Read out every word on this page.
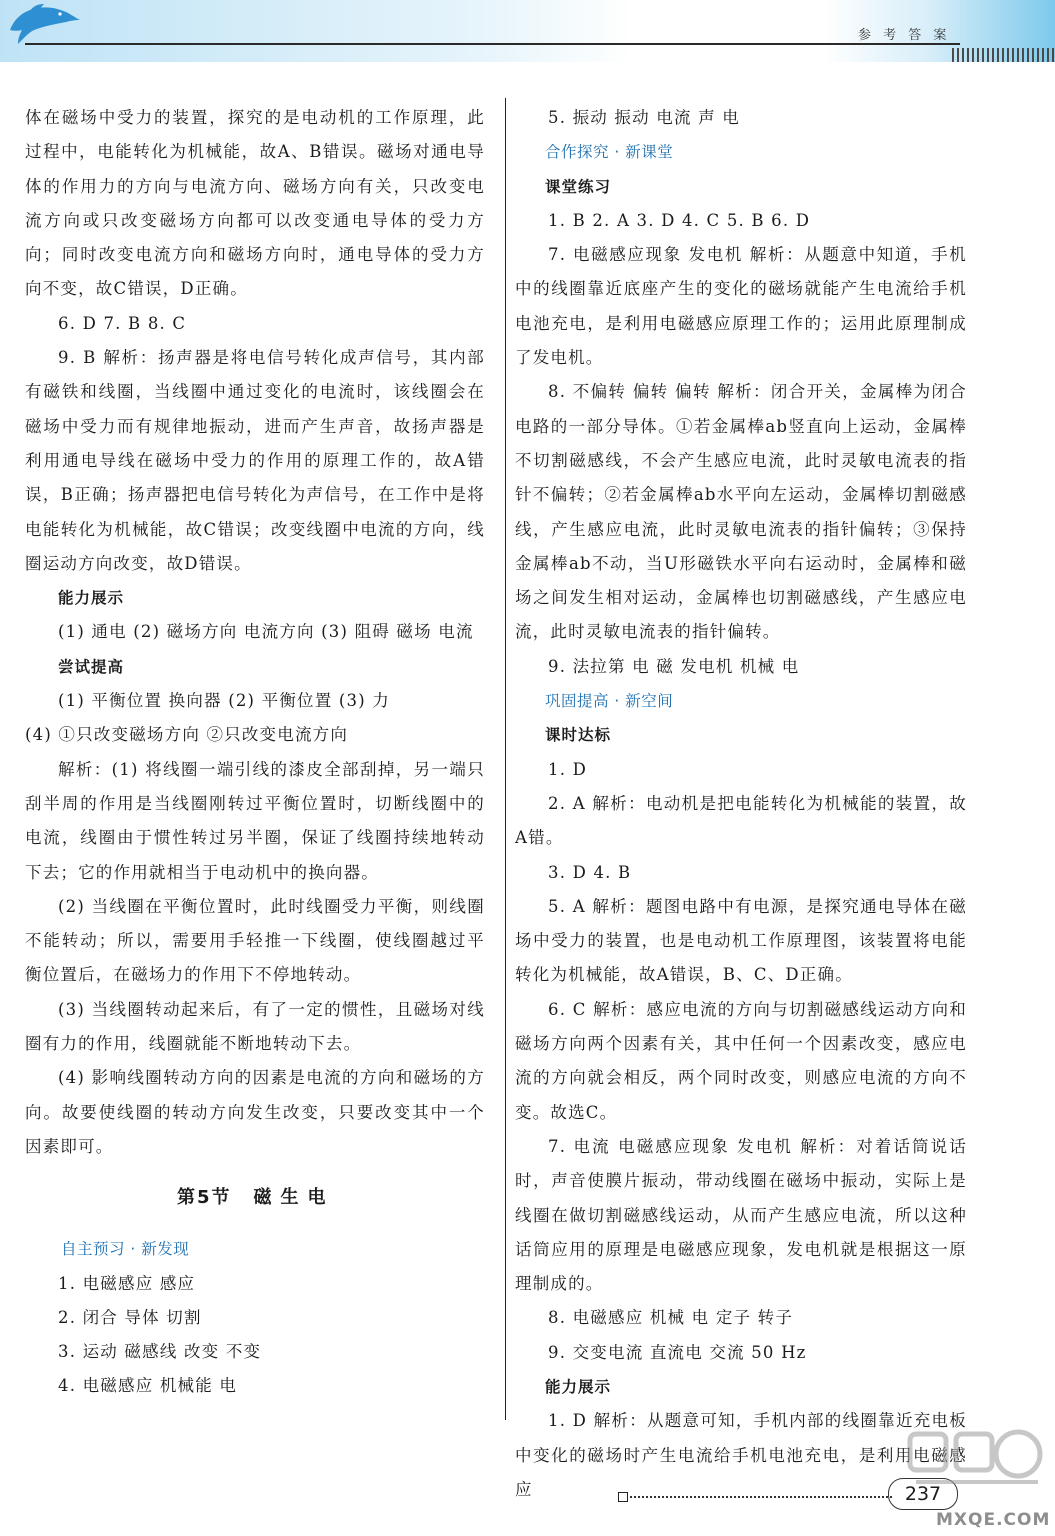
参 考 答 案

体在磁场中受力的装置，探究的是电动机的工作原理，此过程中，电能转化为机械能，故A、B错误。磁场对通电导体的作用力的方向与电流方向、磁场方向有关，只改变电流方向或只改变磁场方向都可以改变通电导体的受力方向；同时改变电流方向和磁场方向时，通电导体的受力方向不变，故C错误，D正确。

6. D 7. B 8. C

9. B 解析：扬声器是将电信号转化成声信号，其内部有磁铁和线圈，当线圈中通过变化的电流时，该线圈会在磁场中受力而有规律地振动，进而产生声音，故扬声器是利用通电导线在磁场中受力的作用的原理工作的，故A错误，B正确；扬声器把电信号转化为声信号，在工作中是将电能转化为机械能，故C错误；改变线圈中电流的方向，线圈运动方向改变，故D错误。

能力展示

(1) 通电 (2) 磁场方向 电流方向 (3) 阻碍 磁场 电流

尝试提高

(1) 平衡位置 换向器 (2) 平衡位置 (3) 力

(4) ①只改变磁场方向 ②只改变电流方向

解析：(1) 将线圈一端引线的漆皮全部刮掉，另一端只刮半周的作用是当线圈刚转过平衡位置时，切断线圈中的电流，线圈由于惯性转过另半圈，保证了线圈持续地转动下去；它的作用就相当于电动机中的换向器。

(2) 当线圈在平衡位置时，此时线圈受力平衡，则线圈不能转动；所以，需要用手轻推一下线圈，使线圈越过平衡位置后，在磁场力的作用下不停地转动。

(3) 当线圈转动起来后，有了一定的惯性，且磁场对线圈有力的作用，线圈就能不断地转动下去。

(4) 影响线圈转动方向的因素是电流的方向和磁场的方向。故要使线圈的转动方向发生改变，只要改变其中一个因素即可。

第5节 磁生电

自主预习 · 新发现

1. 电磁感应 感应

2. 闭合 导体 切割

3. 运动 磁感线 改变 不变

4. 电磁感应 机械能 电

5. 振动 振动 电流 声 电

合作探究 · 新课堂

课堂练习

1. B 2. A 3. D 4. C 5. B 6. D

7. 电磁感应现象 发电机 解析：从题意中知道，手机中的线圈靠近底座产生的变化的磁场就能产生电流给手机电池充电，是利用电磁感应原理工作的；运用此原理制成了发电机。

8. 不偏转 偏转 偏转 解析：闭合开关，金属棒为闭合电路的一部分导体。①若金属棒ab竖直向上运动，金属棒不切割磁感线，不会产生感应电流，此时灵敏电流表的指针不偏转；②若金属棒ab水平向左运动，金属棒切割磁感线，产生感应电流，此时灵敏电流表的指针偏转；③保持金属棒ab不动，当U形磁铁水平向右运动时，金属棒和磁场之间发生相对运动，金属棒也切割磁感线，产生感应电流，此时灵敏电流表的指针偏转。

9. 法拉第 电 磁 发电机 机械 电

巩固提高 · 新空间

课时达标

1. D

2. A 解析：电动机是把电能转化为机械能的装置，故A错。

3. D 4. B

5. A 解析：题图电路中有电源，是探究通电导体在磁场中受力的装置，也是电动机工作原理图，该装置将电能转化为机械能，故A错误，B、C、D正确。

6. C 解析：感应电流的方向与切割磁感线运动方向和磁场方向两个因素有关，其中任何一个因素改变，感应电流的方向就会相反，两个同时改变，则感应电流的方向不变。故选C。

7. 电流 电磁感应现象 发电机 解析：对着话筒说话时，声音使膜片振动，带动线圈在磁场中振动，实际上是线圈在做切割磁感线运动，从而产生感应电流，所以这种话筒应用的原理是电磁感应现象，发电机就是根据这一原理制成的。

8. 电磁感应 机械 电 定子 转子

9. 交变电流 直流电 交流 50 Hz

能力展示

1. D 解析：从题意可知，手机内部的线圈靠近充电板中变化的磁场时产生电流给手机电池充电，是利用电磁感应	237
MXQE.COM
